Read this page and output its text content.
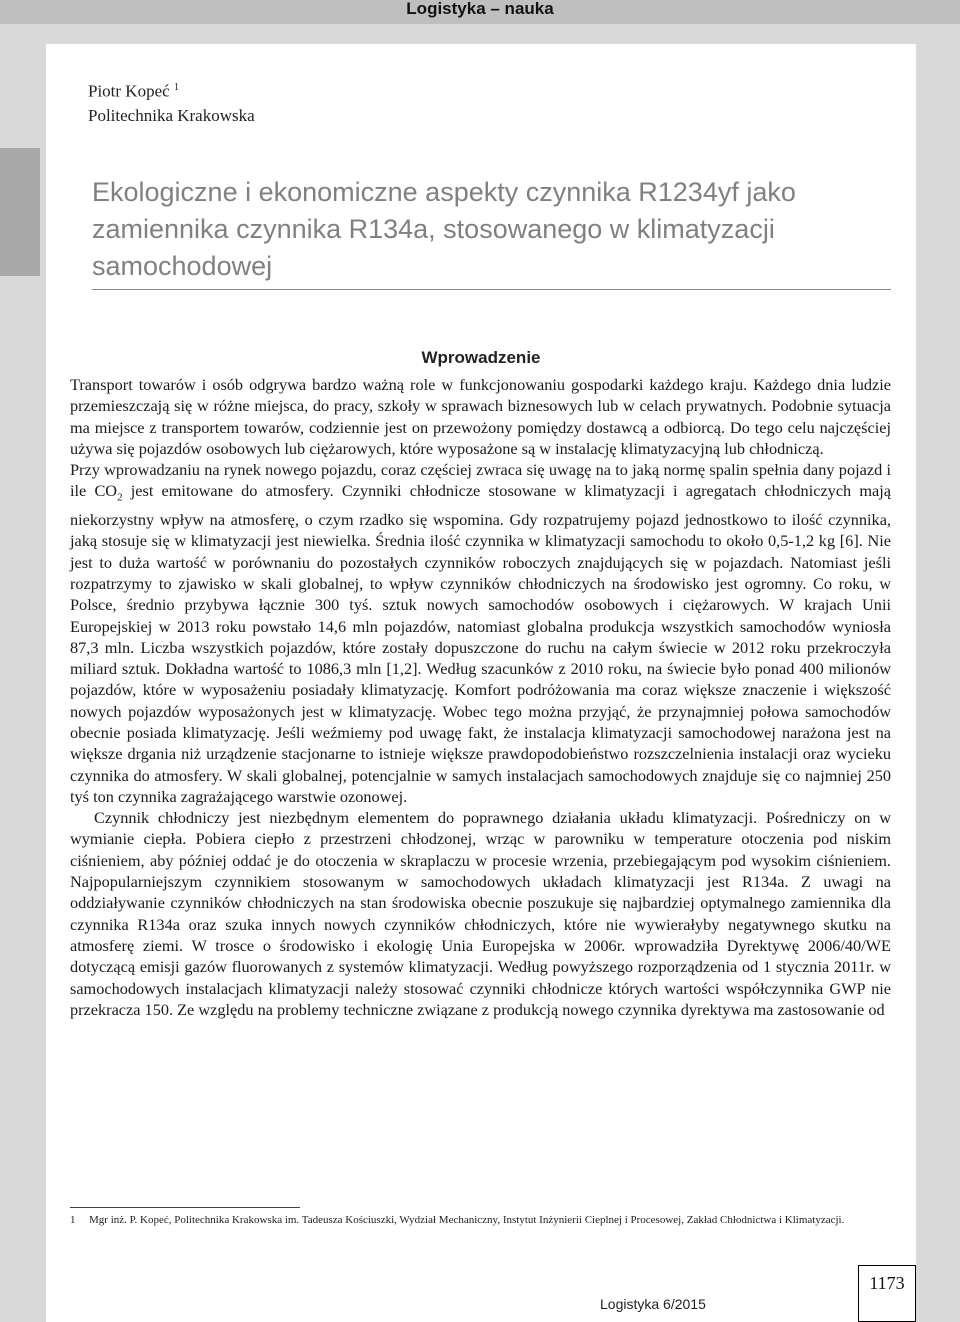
Logistyka – nauka
Piotr Kopeć $^1$
Politechnika Krakowska
Ekologiczne i ekonomiczne aspekty czynnika R1234yf jako zamiennika czynnika R134a, stosowanego w klimatyzacji samochodowej
Wprowadzenie

Transport towarów i osób odgrywa bardzo ważną role w funkcjonowaniu gospodarki każdego kraju. Każdego dnia ludzie przemieszczają się w różne miejsca, do pracy, szkoły w sprawach biznesowych lub w celach prywatnych. Podobnie sytuacja ma miejsce z transportem towarów, codziennie jest on przewożony pomiędzy dostawcą a odbiorcą. Do tego celu najczęściej używa się pojazdów osobowych lub ciężarowych, które wyposażone są w instalację klimatyzacyjną lub chłodniczą.

Przy wprowadzaniu na rynek nowego pojazdu, coraz częściej zwraca się uwagę na to jaką normę spalin spełnia dany pojazd i ile $CO_2$ jest emitowane do atmosfery. Czynniki chłodnicze stosowane w klimatyzacji i agregatach chłodniczych mają niekorzystny wpływ na atmosferę, o czym rzadko się wspomina. Gdy rozpatrujemy pojazd jednostkowo to ilość czynnika, jaką stosuje się w klimatyzacji jest niewielka. Średnia ilość czynnika w klimatyzacji samochodu to około 0,5-1,2 kg [6]. Nie jest to duża wartość w porównaniu do pozostałych czynników roboczych znajdujących się w pojazdach. Natomiast jeśli rozpatrzymy to zjawisko w skali globalnej, to wpływ czynników chłodniczych na środowisko jest ogromny. Co roku, w Polsce, średnio przybywa łącznie 300 tyś. sztuk nowych samochodów osobowych i ciężarowych. W krajach Unii Europejskiej w 2013 roku powstało 14,6 mln pojazdów, natomiast globalna produkcja wszystkich samochodów wyniosła 87,3 mln. Liczba wszystkich pojazdów, które zostały dopuszczone do ruchu na całym świecie w 2012 roku przekroczyła miliard sztuk. Dokładna wartość to 1086,3 mln [1,2]. Według szacunków z 2010 roku, na świecie było ponad 400 milionów pojazdów, które w wyposażeniu posiadały klimatyzację. Komfort podróżowania ma coraz większe znaczenie i większość nowych pojazdów wyposażonych jest w klimatyzację. Wobec tego można przyjąć, że przynajmniej połowa samochodów obecnie posiada klimatyzację. Jeśli weźmiemy pod uwagę fakt, że instalacja klimatyzacji samochodowej narażona jest na większe drgania niż urządzenie stacjonarne to istnieje większe prawdopodobieństwo rozszczelnienia instalacji oraz wycieku czynnika do atmosfery. W skali globalnej, potencjalnie w samych instalacjach samochodowych znajduje się co najmniej 250 tyś ton czynnika zagrażającego warstwie ozonowej.

Czynnik chłodniczy jest niezbędnym elementem do poprawnego działania układu klimatyzacji. Pośredniczy on w wymianie ciepła. Pobiera ciepło z przestrzeni chłodzonej, wrząc w parowniku w temperature otoczenia pod niskim ciśnieniem, aby później oddać je do otoczenia w skraplaczu w procesie wrzenia, przebiegającym pod wysokim ciśnieniem. Najpopularniejszym czynnikiem stosowanym w samochodowych układach klimatyzacji jest R134a. Z uwagi na oddziaływanie czynników chłodniczych na stan środowiska obecnie poszukuje się najbardziej optymalnego zamiennika dla czynnika R134a oraz szuka innych nowych czynników chłodniczych, które nie wywierałyby negatywnego skutku na atmosferę ziemi. W trosce o środowisko i ekologię Unia Europejska w 2006r. wprowadziła Dyrektywę 2006/40/WE dotyczącą emisji gazów fluorowanych z systemów klimatyzacji. Według powyższego rozporządzenia od 1 stycznia 2011r. w samochodowych instalacjach klimatyzacji należy stosować czynniki chłodnicze których wartości współczynnika GWP nie przekracza 150. Ze względu na problemy techniczne związane z produkcją nowego czynnika dyrektywa ma zastosowanie od

1 Mgr inż. P. Kopeć, Politechnika Krakowska im. Tadeusza Kościuszki, Wydział Mechaniczny, Instytut Inżynierii Cieplnej i Procesowej, Zakład Chłodnictwa i Klimatyzacji.
1173
Logistyka 6/2015
